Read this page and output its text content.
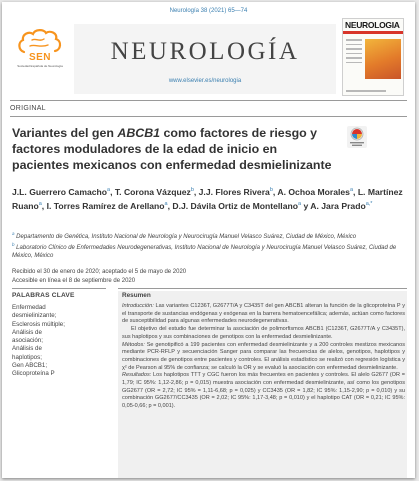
Neurología 38 (2021) 65—74
SEN
Sociedad Española de Neurología
NEUROLOGÍA
www.elsevier.es/neurologia
NEUROLOGIA
ORIGINAL
Variantes del gen ABCB1 como factores de riesgo y factores moduladores de la edad de inicio en pacientes mexicanos con enfermedad desmielinizante
J.L. Guerrero Camacho$^a$, T. Corona Vázquez$^b$, J.J. Flores Rivera$^b$, A. Ochoa Morales$^a$, L. Martínez Ruano$^a$, I. Torres Ramírez de Arellano$^a$, D.J. Dávila Ortiz de Montellano$^a$ y A. Jara Prado$^{a,*}$
$^a$ Departamento de Genética, Instituto Nacional de Neurología y Neurocirugía Manuel Velasco Suárez, Ciudad de México, México
$^b$ Laboratorio Clínico de Enfermedades Neurodegenerativas, Instituto Nacional de Neurología y Neurocirugía Manuel Velasco Suárez, Ciudad de México, México
Recibido el 30 de enero de 2020; aceptado el 5 de mayo de 2020
Accesible en línea el 8 de septiembre de 2020
PALABRAS CLAVE
Enfermedad
desmielinizante;
Esclerosis múltiple;
Análisis de
asociación;
Análisis de
haplotipos;
Gen ABCB1;
Glicoproteína P
Resumen

Introducción: Las variantes C1236T, G2677T/A y C3435T del gen ABCB1 alteran la función de la glicoproteína P y el transporte de sustancias endógenas y exógenas en la barrera hematoencefálica; además, actúan como factores de susceptibilidad para algunas enfermedades neurodegenerativas.

El objetivo del estudio fue determinar la asociación de polimorfismos ABCB1 (C1236T, G2677T/A y C3435T), sus haplotipos y sus combinaciones de genotipos con la enfermedad desmielinizante.

Métodos: Se genotipificó a 199 pacientes con enfermedad desmielinizante y a 200 controles mestizos mexicanos mediante PCR-RFLP y secuenciación Sanger para comparar las frecuencias de alelos, genotipos, haplotipos y combinaciones de genotipos entre pacientes y controles. El análisis estadístico se realizó con regresión logística y χ² de Pearson al 95% de confianza; se calculó la OR y se evaluó la asociación con enfermedad desmielinizante.

Resultados: Los haplotipos TTT y CGC fueron los más frecuentes en pacientes y controles. El alelo G2677 (OR = 1,79; IC 95%: 1,12-2,86; p = 0,015) muestra asociación con enfermedad desmielinizante, así como los genotipos GG2677 (OR = 2,72; IC 95% = 1,11-6,68; p = 0,025) y CC3435 (OR = 1,82; IC 95%: 1,15-2,90; p = 0,010) y su combinación GG2677/CC3435 (OR = 2,02; IC 95%: 1,17-3,48; p = 0,010) y el haplotipo CAT (OR = 0,21; IC 95%: 0,05-0,66; p = 0,001).
